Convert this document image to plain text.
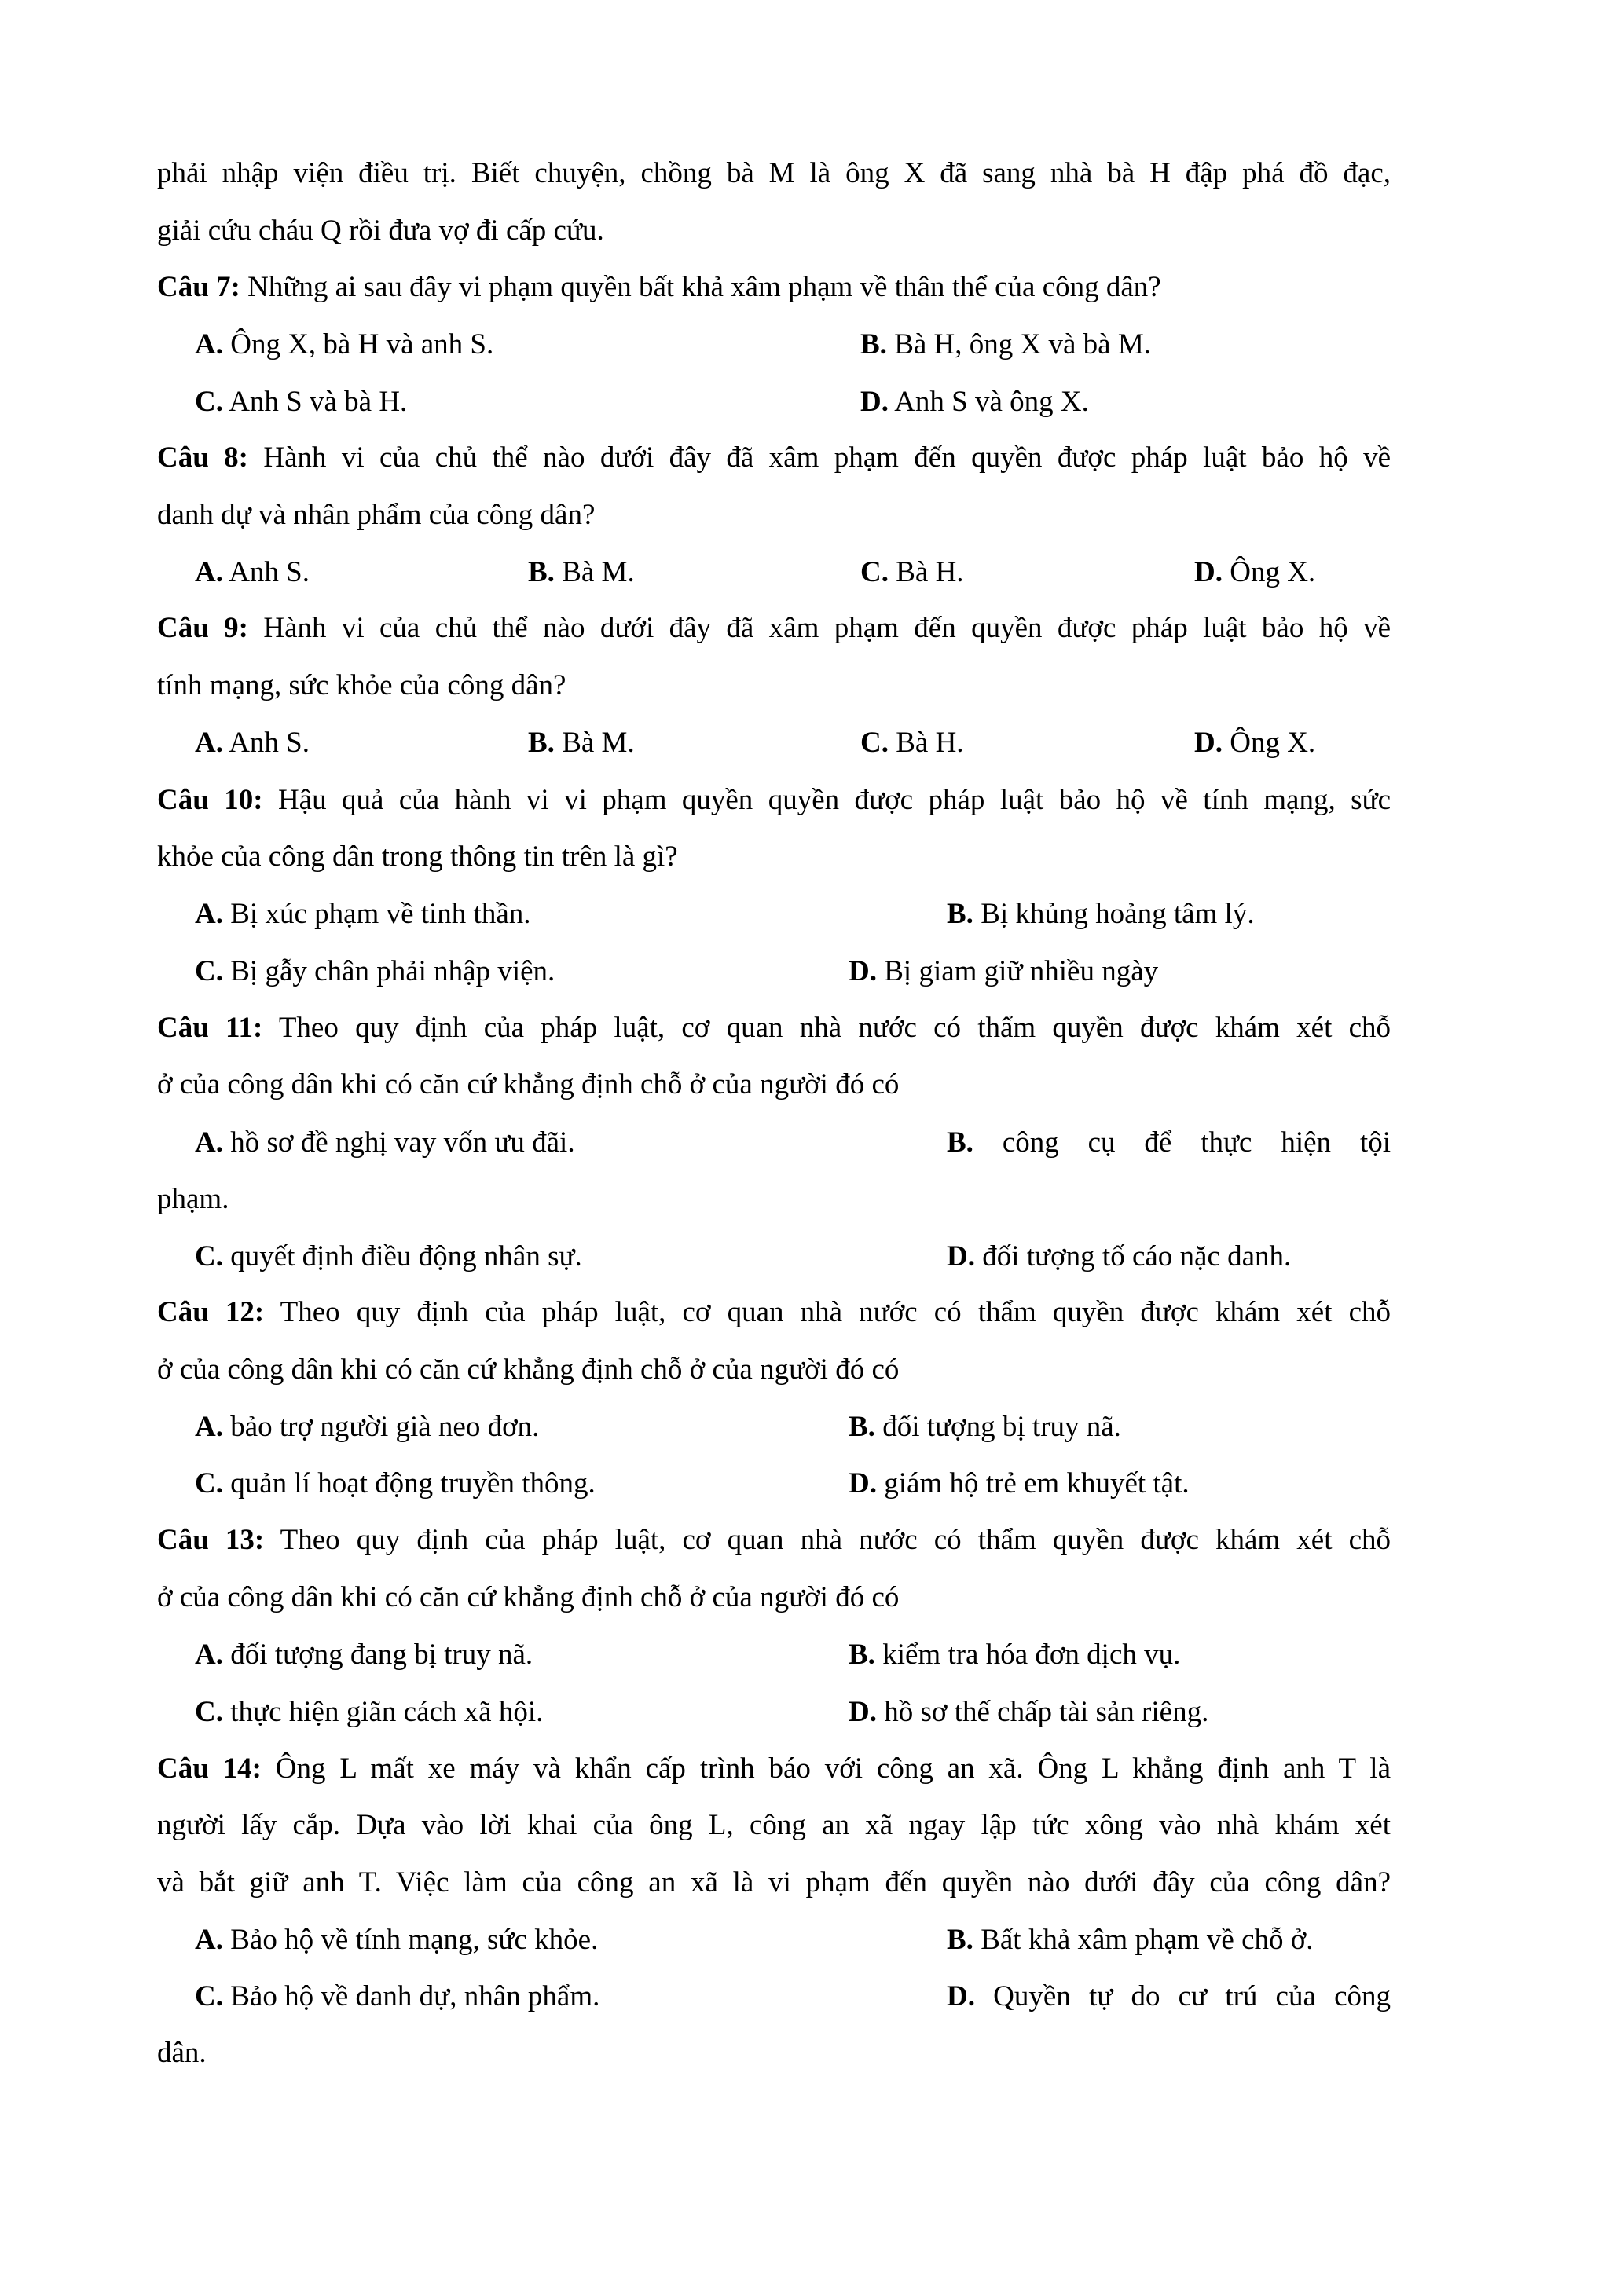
phải nhập viện điều trị. Biết chuyện, chồng bà M là ông X đã sang nhà bà H đập phá đồ đạc,
giải cứu cháu Q rồi đưa vợ đi cấp cứu.
Câu 7: Những ai sau đây vi phạm quyền bất khả xâm phạm về thân thể của công dân?
A. Ông X, bà H và anh S.	B. Bà H, ông X và bà M.
C. Anh S và bà H.	D. Anh S và ông X.
Câu 8: Hành vi của chủ thể nào dưới đây đã xâm phạm đến quyền được pháp luật bảo hộ về
danh dự và nhân phẩm của công dân?
A. Anh S.	B. Bà M.	C. Bà H.	D. Ông X.
Câu 9: Hành vi của chủ thể nào dưới đây đã xâm phạm đến quyền được pháp luật bảo hộ về
tính mạng, sức khỏe của công dân?
A. Anh S.	B. Bà M.	C. Bà H.	D. Ông X.
Câu 10: Hậu quả của hành vi vi phạm quyền quyền được pháp luật bảo hộ về tính mạng, sức
khỏe của công dân trong thông tin trên là gì?
A. Bị xúc phạm về tinh thần.	B. Bị khủng hoảng tâm lý.
C. Bị gẫy chân phải nhập viện.	D. Bị giam giữ nhiều ngày
Câu 11: Theo quy định của pháp luật, cơ quan nhà nước có thẩm quyền được khám xét chỗ
ở của công dân khi có căn cứ khẳng định chỗ ở của người đó có
A. hồ sơ đề nghị vay vốn ưu đãi.	B. công cụ để thực hiện tội
phạm.
C. quyết định điều động nhân sự.	D. đối tượng tố cáo nặc danh.
Câu 12: Theo quy định của pháp luật, cơ quan nhà nước có thẩm quyền được khám xét chỗ
ở của công dân khi có căn cứ khẳng định chỗ ở của người đó có
A. bảo trợ người già neo đơn.	B. đối tượng bị truy nã.
C. quản lí hoạt động truyền thông.	D. giám hộ trẻ em khuyết tật.
Câu 13: Theo quy định của pháp luật, cơ quan nhà nước có thẩm quyền được khám xét chỗ
ở của công dân khi có căn cứ khẳng định chỗ ở của người đó có
A. đối tượng đang bị truy nã.	B. kiểm tra hóa đơn dịch vụ.
C. thực hiện giãn cách xã hội.	D. hồ sơ thế chấp tài sản riêng.
Câu 14: Ông L mất xe máy và khẩn cấp trình báo với công an xã. Ông L khẳng định anh T là
người lấy cắp. Dựa vào lời khai của ông L, công an xã ngay lập tức xông vào nhà khám xét
và bắt giữ anh T. Việc làm của công an xã là vi phạm đến quyền nào dưới đây của công dân?
A. Bảo hộ về tính mạng, sức khỏe.	B. Bất khả xâm phạm về chỗ ở.
C. Bảo hộ về danh dự, nhân phẩm.	D. Quyền tự do cư trú của công
dân.
